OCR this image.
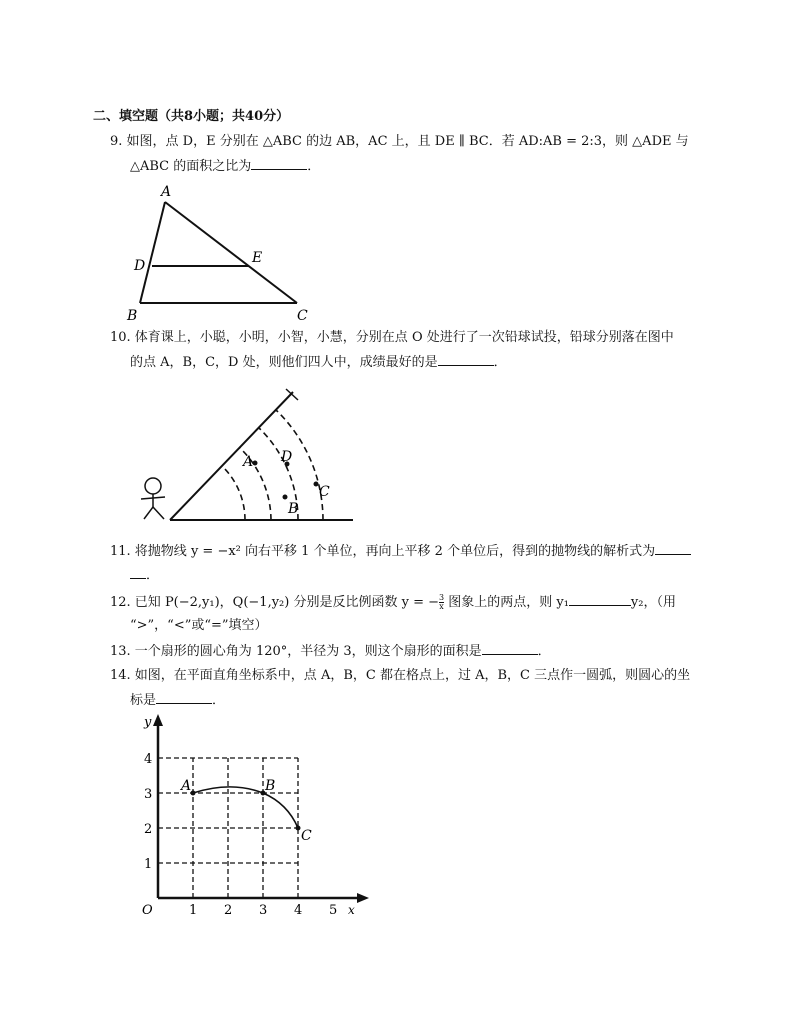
二、填空题（共8小题；共40分）
9. 如图，点 D，E 分别在 △ABC 的边 AB，AC 上，且 DE ∥ BC．若 AD:AB = 2:3，则 △ADE 与
△ABC 的面积之比为	．
A
D	E
B	C
10. 体育课上，小聪，小明，小智，小慧，分别在点 O 处进行了一次铅球试投，铅球分别落在图中
的点 A，B，C，D 处，则他们四人中，成绩最好的是	．
A
B
C
D
11. 将抛物线 y = −x² 向右平移 1 个单位，再向上平移 2 个单位后，得到的抛物线的解析式为
．
12. 已知 P(−2,y₁)，Q(−1,y₂) 分别是反比例函数 y = − $\frac{3}{x}$ 图象上的两点，则 y₁	y₂，（用
“>”，“<”或“=”填空）
13. 一个扇形的圆心角为 120°，半径为 3，则这个扇形的面积是	．
14. 如图，在平面直角坐标系中，点 A，B，C 都在格点上，过 A，B，C 三点作一圆弧，则圆心的坐
标是	．
1 2 3 4 5
1
2
3
4
O	x
y
A	B
C
